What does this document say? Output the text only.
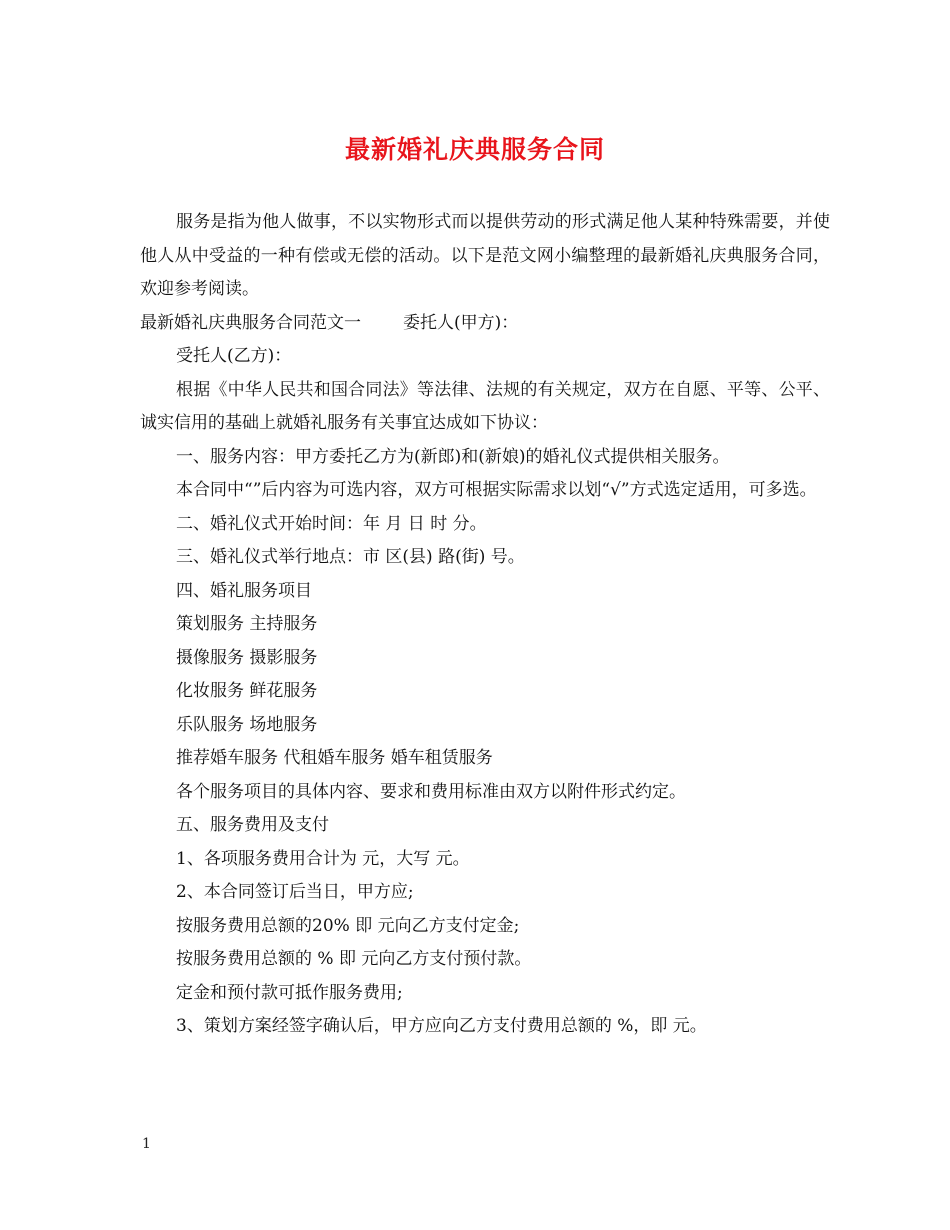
最新婚礼庆典服务合同

服务是指为他人做事，不以实物形式而以提供劳动的形式满足他人某种特殊需要，并使他人从中受益的一种有偿或无偿的活动。以下是范文网小编整理的最新婚礼庆典服务合同，欢迎参考阅读。

最新婚礼庆典服务合同范文一 委托人(甲方)：

受托人(乙方)：

根据《中华人民共和国合同法》等法律、法规的有关规定，双方在自愿、平等、公平、诚实信用的基础上就婚礼服务有关事宜达成如下协议：

一、服务内容：甲方委托乙方为(新郎)和(新娘)的婚礼仪式提供相关服务。

本合同中“”后内容为可选内容，双方可根据实际需求以划“√”方式选定适用，可多选。

二、婚礼仪式开始时间：年 月 日 时 分。

三、婚礼仪式举行地点：市 区(县) 路(街) 号。

四、婚礼服务项目

策划服务 主持服务

摄像服务 摄影服务

化妆服务 鲜花服务

乐队服务 场地服务

推荐婚车服务 代租婚车服务 婚车租赁服务

各个服务项目的具体内容、要求和费用标准由双方以附件形式约定。

五、服务费用及支付

1、各项服务费用合计为 元，大写 元。

2、本合同签订后当日，甲方应;

按服务费用总额的20% 即 元向乙方支付定金;

按服务费用总额的 % 即 元向乙方支付预付款。

定金和预付款可抵作服务费用;

3、策划方案经签字确认后，甲方应向乙方支付费用总额的 %，即 元。

1
